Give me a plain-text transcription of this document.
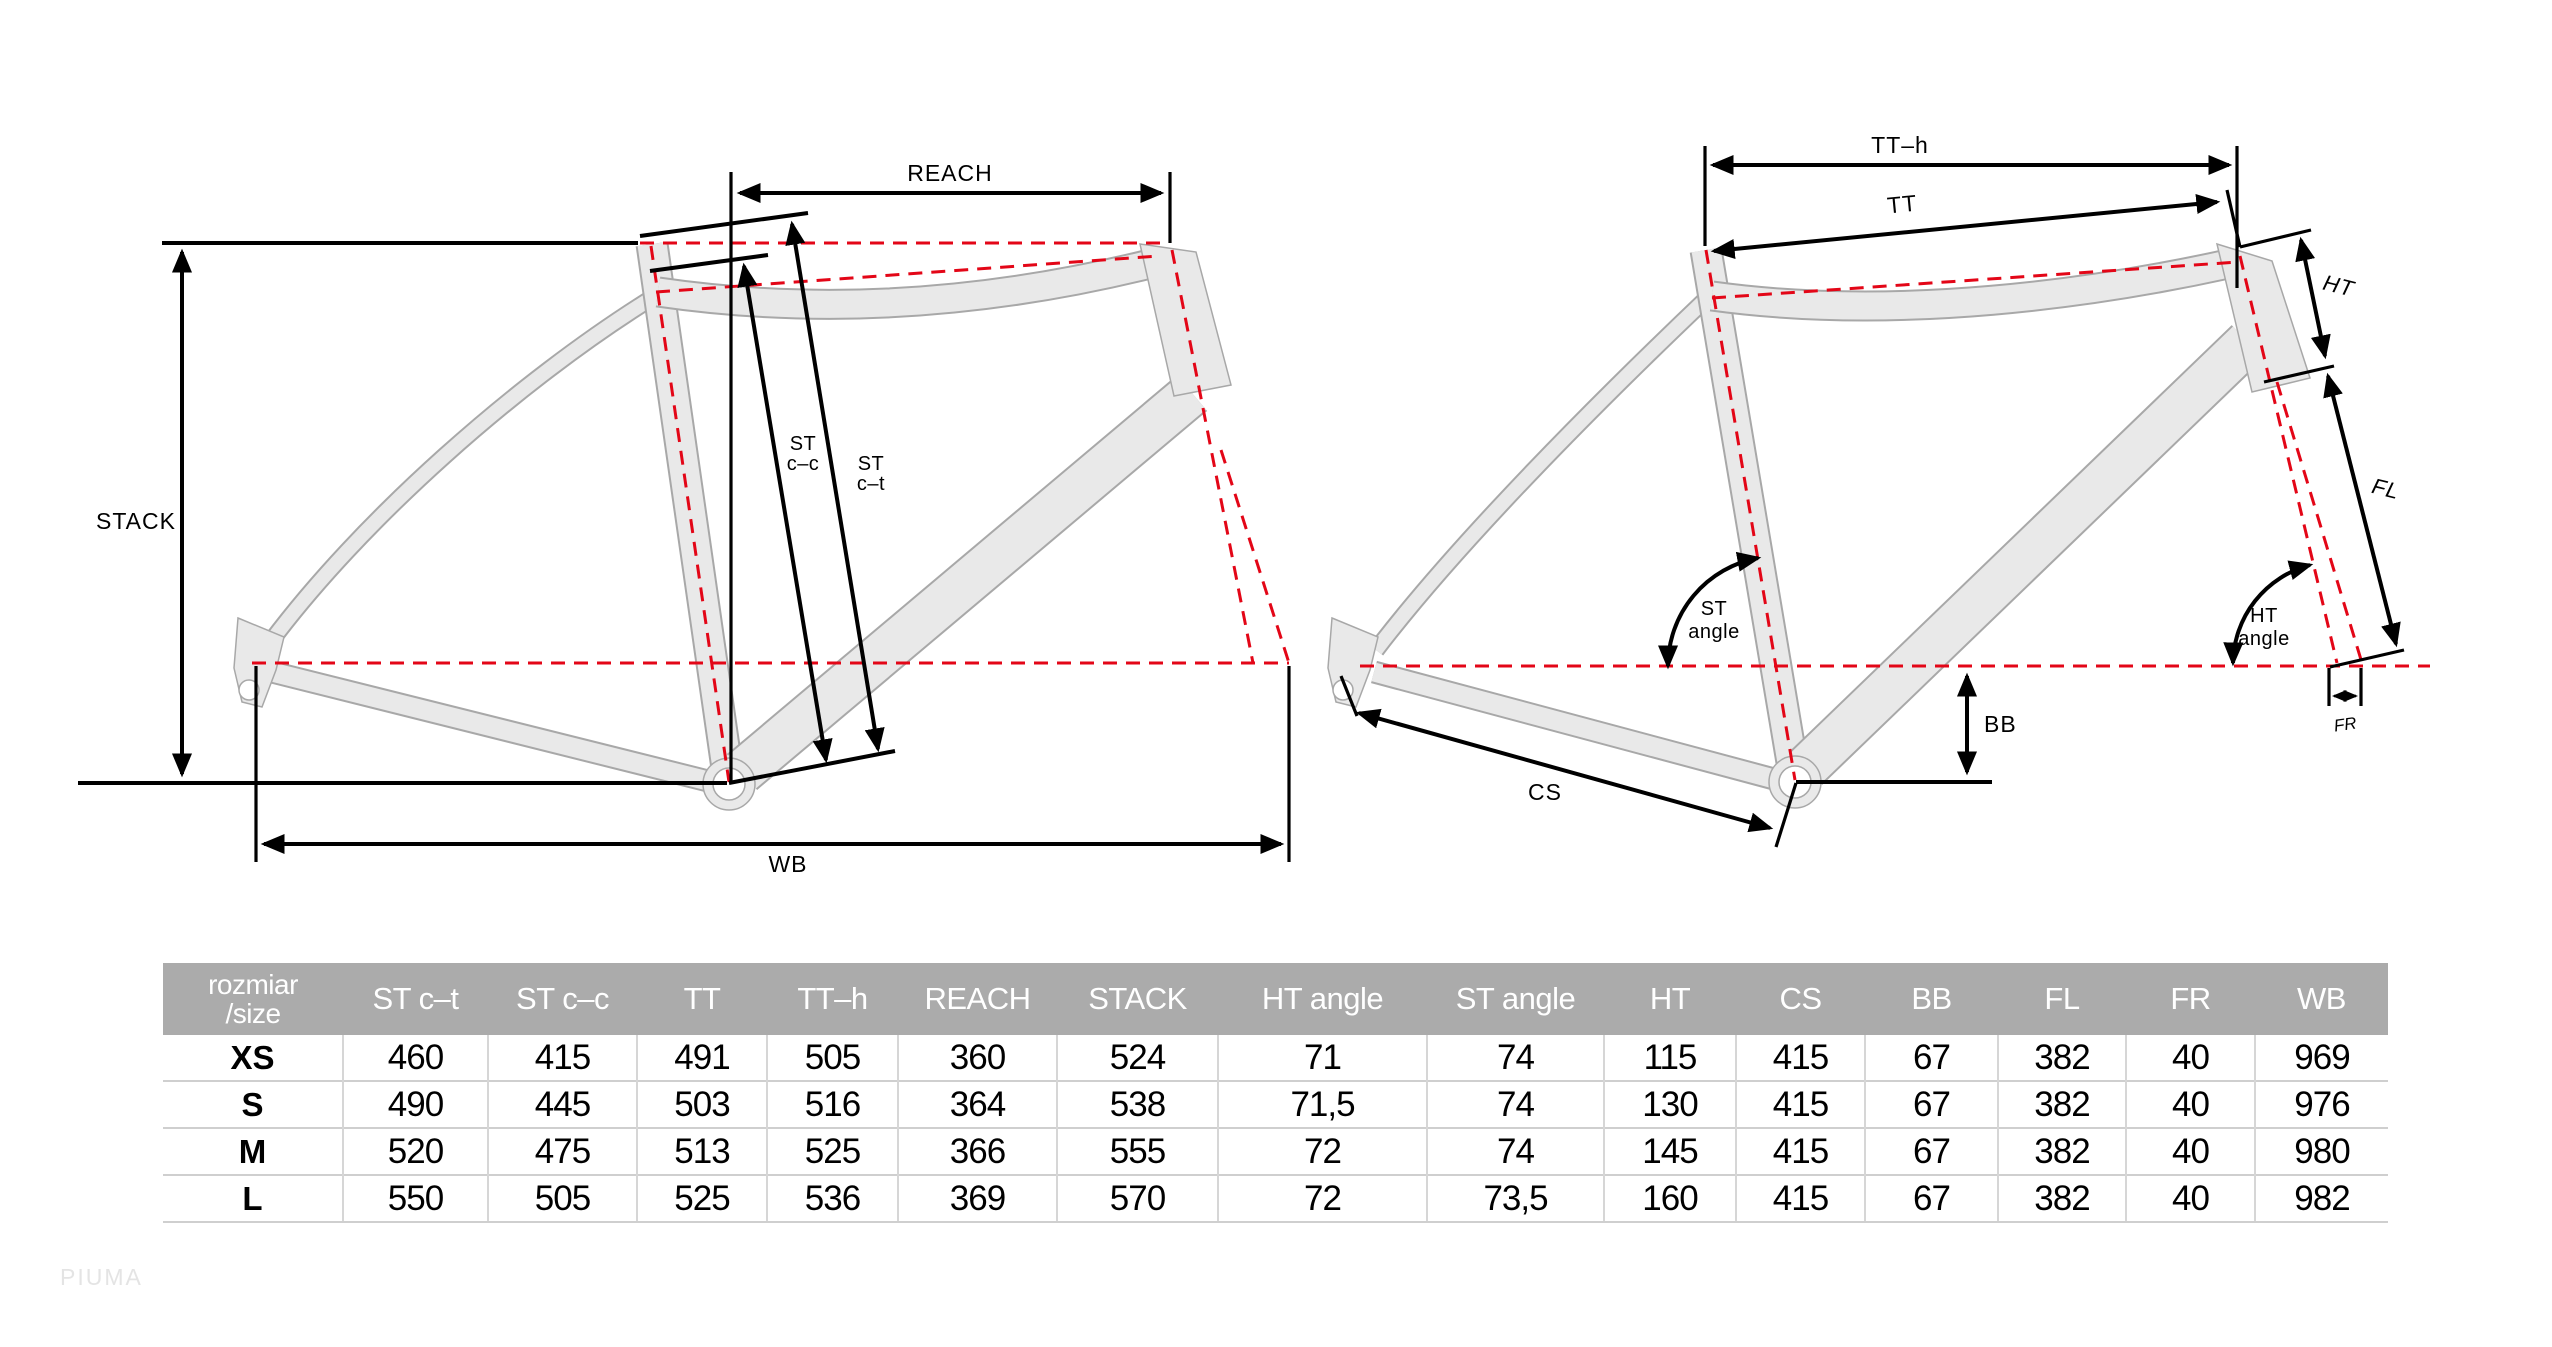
STACK
REACH
ST c–c ST c–t
WB
TT–h
TT
HT
FL
FR
ST angle
HT angle
BB
CS
rozmiar
/size	ST c–t	ST c–c	TT	TT–h	REACH	STACK	HT angle	ST angle	HT	CS	BB	FL	FR	WB
XS	460	415	491	505	360	524	71	74	115	415	67	382	40	969
S	490	445	503	516	364	538	71,5	74	130	415	67	382	40	976
M	520	475	513	525	366	555	72	74	145	415	67	382	40	980
L	550	505	525	536	369	570	72	73,5	160	415	67	382	40	982
PIUMA
